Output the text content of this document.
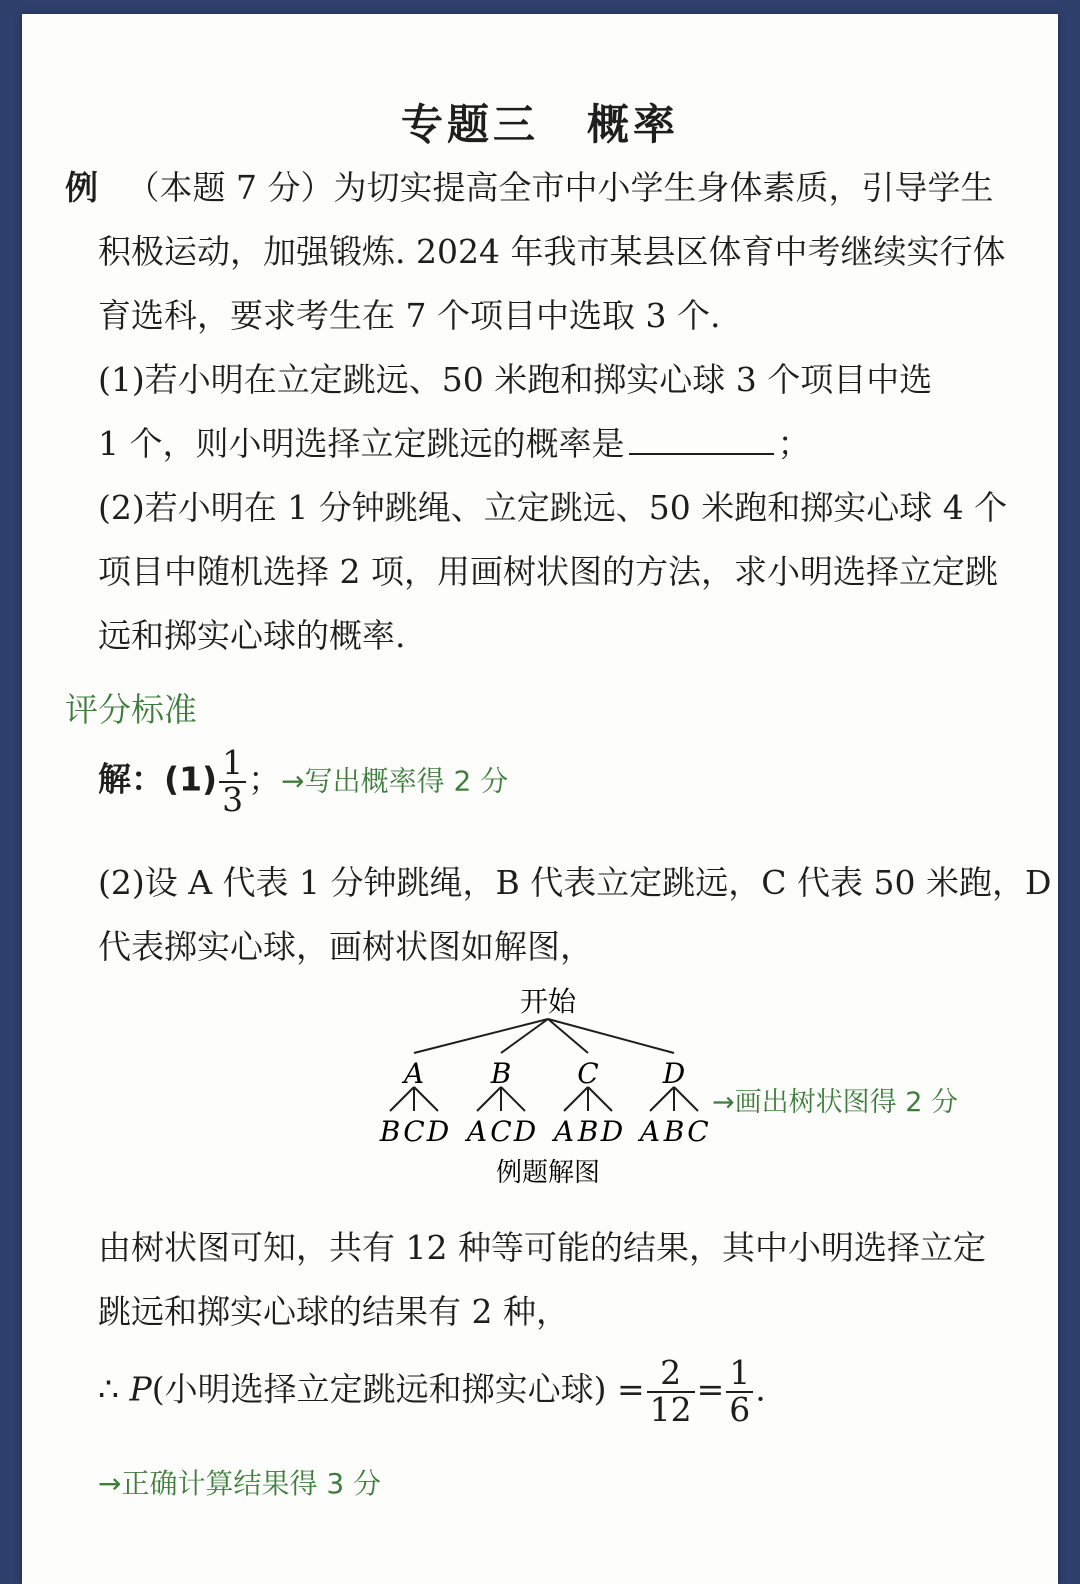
专题三 概率
例 （本题 7 分）为切实提高全市中小学生身体素质，引导学生
积极运动，加强锻炼. 2024 年我市某县区体育中考继续实行体
育选科，要求考生在 7 个项目中选取 3 个.
(1)若小明在立定跳远、50 米跑和掷实心球 3 个项目中选
1 个，则小明选择立定跳远的概率是	；
(2)若小明在 1 分钟跳绳、立定跳远、50 米跑和掷实心球 4 个
项目中随机选择 2 项，用画树状图的方法，求小明选择立定跳
远和掷实心球的概率.
评分标准
解：$(1) \frac{1}{3}$ ；→写出概率得 2 分
(2)设 A 代表 1 分钟跳绳，B 代表立定跳远，C 代表 50 米跑，D
代表掷实心球，画树状图如解图，
开始
A B C D
B C D A C D A B D A B C
→画出树状图得 2 分
例题解图
由树状图可知，共有 12 种等可能的结果，其中小明选择立定
跳远和掷实心球的结果有 2 种，
∴ P(小明选择立定跳远和掷实心球) = $\frac{2}{12} = \frac{1}{6}$ .
→正确计算结果得 3 分
